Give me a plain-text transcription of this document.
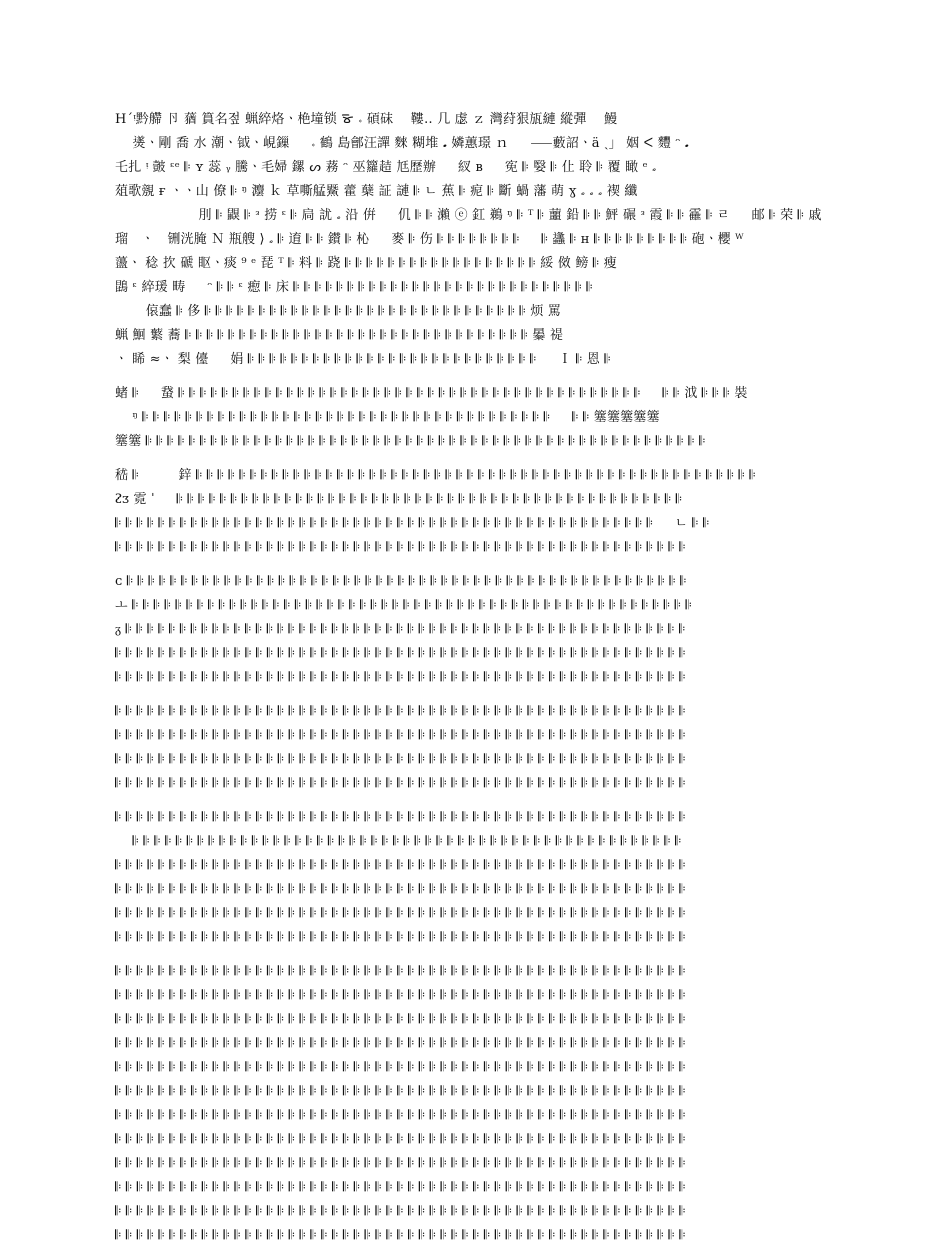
Hˊᵎ黔艜 卪 蕕 篔名젚 蝋綷烙ㆍ栬墥锁 ᯊ 𝆹 碩砞 　鞻‥ 几 虙 ｚ 灣荮狠瓬縺 縱彈 　鰻
　 㸂ㆍ剛 喬 ⽔ 潮ㆍ钺ㆍ峴鏁 　 𝆹 鶴 島鄶汪譂 麳 糊堆 𝅘 嫾蕙璟 ｎ 　 ⸺藪詔ㆍä ˏ」 姻 ᐸ 麷 ᵔ 𝅘
乇扎 ᵎ 皼 ᵋᵉ 𝄆 ʏ 蕊 ᵧ 騰ㆍ毛婦 鏍 ᔕ 蓩 ᵔ 巫籮趌 尪歷辦 　 紁 ʙ 　 𡨚 𝄆 嫛 𝄆 仩 聆 𝄆 覆 瞰 ᵉ 𝅗
葅歌覫 ғ ㆍㆍ山 僚 𝄆 ᵑ 灋 ｋ 草嘶艋鱀 藿 蘖 証 謰 𝄆 ㄴ 蕉 𝄆 痆 𝄆 斷 蝸 藩 萌 ɣ 𝅗 𝅗 𝅗 禊 纖
　　　　　　 刖 𝄆 鼳 𝄆 ᵌ 捞 ᵋ 𝄆 扃 訧 𝅗 沿 倂 　 仉 𝄆 𝄆 瀨 ⓔ 釭 鵜 ᵑ 𝄆 ᵀ 𝄆 蘁 鉛 𝄆 𝄆 鮃 碾 ᵌ 霞 𝄆 𝄆 靃 𝄆 ㄹ 　 邮 𝄆 荣 𝄆 戚
瑠　ㆍ　铏洸腌 Ｎ 瓶艘 ⟩ 𝅗 𝄆 逳 𝄆 𝄆 鑚 𝄆 杺 　 麥 𝄆 伤 𝄆 𝄆 𝄆 𝄆 𝄆 𝄆 𝄆 𝄆 　 𝄆 蠭 𝄆 ʜ 𝄆 𝄆 𝄆 𝄆 𝄆 𝄆 𝄆 𝄆 𝄆 砲ㆍ櫻 ᵂ
蘯ㆍ 稔 扻 磃 眍ㆍ痰 ⁹ ᵉ 琵 ᵀ 𝄆 料 𝄆 跷 𝄆 𝄆 𝄆 𝄆 𝄆 𝄆 𝄆 𝄆 𝄆 𝄆 𝄆 𝄆 𝄆 𝄆 𝄆 𝄆 𝄆 𝄆 綏 傚 鳑 𝄆 瘦
鵾 ᵋ 綷瑗 畴 　 ᵔ 𝄆 𝄆 ᵋ 瘛 𝄆 床 𝄆 𝄆 𝄆 𝄆 𝄆 𝄆 𝄆 𝄆 𝄆 𝄆 𝄆 𝄆 𝄆 𝄆 𝄆 𝄆 𝄆 𝄆 𝄆 𝄆 𝄆 𝄆 𝄆 𝄆 𝄆 𝄆 𝄆 𝄆
　　 偯蠢 𝄆 侈 𝄆 𝄆 𝄆 𝄆 𝄆 𝄆 𝄆 𝄆 𝄆 𝄆 𝄆 𝄆 𝄆 𝄆 𝄆 𝄆 𝄆 𝄆 𝄆 𝄆 𝄆 𝄆 𝄆 𝄆 𝄆 𝄆 𝄆 𝄆 𝄆 𝄆 烦 罵
蝋 鮰 蘩 蕎 𝄆 𝄆 𝄆 𝄆 𝄆 𝄆 𝄆 𝄆 𝄆 𝄆 𝄆 𝄆 𝄆 𝄆 𝄆 𝄆 𝄆 𝄆 𝄆 𝄆 𝄆 𝄆 𝄆 𝄆 𝄆 𝄆 𝄆 𝄆 𝄆 𝄆 𝄆 𝄆 㬥 禔
ㆍ 睎 ≈ㆍ 梨 儓 　 娟 𝄆 𝄆 𝄆 𝄆 𝄆 𝄆 𝄆 𝄆 𝄆 𝄆 𝄆 𝄆 𝄆 𝄆 𝄆 𝄆 𝄆 𝄆 𝄆 𝄆 𝄆 𝄆 𝄆 𝄆 𝄆 𝄆 𝄆 　 Ｉ 𝄆 恩 𝄆
蝫 𝄆 　 䖸 𝄆 𝄆 𝄆 𝄆 𝄆 𝄆 𝄆 𝄆 𝄆 𝄆 𝄆 𝄆 𝄆 𝄆 𝄆 𝄆 𝄆 𝄆 𝄆 𝄆 𝄆 𝄆 𝄆 𝄆 𝄆 𝄆 𝄆 𝄆 𝄆 𝄆 𝄆 𝄆 𝄆 𝄆 𝄆 𝄆 𝄆 𝄆 𝄆 𝄆 𝄆 𝄆 𝄆 　 𝄆 𝄆 泧 𝄆 𝄆 𝄆 裝
　 ᵑ 𝄆 𝄆 𝄆 𝄆 𝄆 𝄆 𝄆 𝄆 𝄆 𝄆 𝄆 𝄆 𝄆 𝄆 𝄆 𝄆 𝄆 𝄆 𝄆 𝄆 𝄆 𝄆 𝄆 𝄆 𝄆 𝄆 𝄆 𝄆 𝄆 𝄆 𝄆 𝄆 𝄆 𝄆 𝄆 𝄆 𝄆 𝄆 　 𝄆 𝄆 簺簺簺簺簺
簺簺 𝄆 𝄆 𝄆 𝄆 𝄆 𝄆 𝄆 𝄆 𝄆 𝄆 𝄆 𝄆 𝄆 𝄆 𝄆 𝄆 𝄆 𝄆 𝄆 𝄆 𝄆 𝄆 𝄆 𝄆 𝄆 𝄆 𝄆 𝄆 𝄆 𝄆 𝄆 𝄆 𝄆 𝄆 𝄆 𝄆 𝄆 𝄆 𝄆 𝄆 𝄆 𝄆 𝄆 𝄆 𝄆 𝄆 𝄆 𝄆 𝄆 𝄆 𝄆 𝄆
嵇 𝄆 　 　 鋅 𝄆 𝄆 𝄆 𝄆 𝄆 𝄆 𝄆 𝄆 𝄆 𝄆 𝄆 𝄆 𝄆 𝄆 𝄆 𝄆 𝄆 𝄆 𝄆 𝄆 𝄆 𝄆 𝄆 𝄆 𝄆 𝄆 𝄆 𝄆 𝄆 𝄆 𝄆 𝄆 𝄆 𝄆 𝄆 𝄆 𝄆 𝄆 𝄆 𝄆 𝄆 𝄆 𝄆 𝄆 𝄆 𝄆 𝄆 𝄆 𝄆 𝄆 𝄆 𝄆
ᴤᴣ 霓 ˈ 　 𝄆 𝄆 𝄆 𝄆 𝄆 𝄆 𝄆 𝄆 𝄆 𝄆 𝄆 𝄆 𝄆 𝄆 𝄆 𝄆 𝄆 𝄆 𝄆 𝄆 𝄆 𝄆 𝄆 𝄆 𝄆 𝄆 𝄆 𝄆 𝄆 𝄆 𝄆 𝄆 𝄆 𝄆 𝄆 𝄆 𝄆 𝄆 𝄆 𝄆 𝄆 𝄆 𝄆 𝄆 𝄆 𝄆 𝄆
𝄆 𝄆 𝄆 𝄆 𝄆 𝄆 𝄆 𝄆 𝄆 𝄆 𝄆 𝄆 𝄆 𝄆 𝄆 𝄆 𝄆 𝄆 𝄆 𝄆 𝄆 𝄆 𝄆 𝄆 𝄆 𝄆 𝄆 𝄆 𝄆 𝄆 𝄆 𝄆 𝄆 𝄆 𝄆 𝄆 𝄆 𝄆 𝄆 𝄆 𝄆 𝄆 𝄆 𝄆 𝄆 𝄆 𝄆 𝄆 𝄆 𝄆 　 ㄴ 𝄆 𝄆
𝄆 𝄆 𝄆 𝄆 𝄆 𝄆 𝄆 𝄆 𝄆 𝄆 𝄆 𝄆 𝄆 𝄆 𝄆 𝄆 𝄆 𝄆 𝄆 𝄆 𝄆 𝄆 𝄆 𝄆 𝄆 𝄆 𝄆 𝄆 𝄆 𝄆 𝄆 𝄆 𝄆 𝄆 𝄆 𝄆 𝄆 𝄆 𝄆 𝄆 𝄆 𝄆 𝄆 𝄆 𝄆 𝄆 𝄆 𝄆 𝄆 𝄆 𝄆 𝄆 𝄆
ᴄ 𝄆 𝄆 𝄆 𝄆 𝄆 𝄆 𝄆 𝄆 𝄆 𝄆 𝄆 𝄆 𝄆 𝄆 𝄆 𝄆 𝄆 𝄆 𝄆 𝄆 𝄆 𝄆 𝄆 𝄆 𝄆 𝄆 𝄆 𝄆 𝄆 𝄆 𝄆 𝄆 𝄆 𝄆 𝄆 𝄆 𝄆 𝄆 𝄆 𝄆 𝄆 𝄆 𝄆 𝄆 𝄆 𝄆 𝄆 𝄆 𝄆 𝄆 𝄆 𝄆
ㅗ 𝄆 𝄆 𝄆 𝄆 𝄆 𝄆 𝄆 𝄆 𝄆 𝄆 𝄆 𝄆 𝄆 𝄆 𝄆 𝄆 𝄆 𝄆 𝄆 𝄆 𝄆 𝄆 𝄆 𝄆 𝄆 𝄆 𝄆 𝄆 𝄆 𝄆 𝄆 𝄆 𝄆 𝄆 𝄆 𝄆 𝄆 𝄆 𝄆 𝄆 𝄆 𝄆 𝄆 𝄆 𝄆 𝄆 𝄆 𝄆 𝄆 𝄆 𝄆 𝄆
ᵹ 𝄆 𝄆 𝄆 𝄆 𝄆 𝄆 𝄆 𝄆 𝄆 𝄆 𝄆 𝄆 𝄆 𝄆 𝄆 𝄆 𝄆 𝄆 𝄆 𝄆 𝄆 𝄆 𝄆 𝄆 𝄆 𝄆 𝄆 𝄆 𝄆 𝄆 𝄆 𝄆 𝄆 𝄆 𝄆 𝄆 𝄆 𝄆 𝄆 𝄆 𝄆 𝄆 𝄆 𝄆 𝄆 𝄆 𝄆 𝄆 𝄆 𝄆 𝄆 𝄆
𝄆 𝄆 𝄆 𝄆 𝄆 𝄆 𝄆 𝄆 𝄆 𝄆 𝄆 𝄆 𝄆 𝄆 𝄆 𝄆 𝄆 𝄆 𝄆 𝄆 𝄆 𝄆 𝄆 𝄆 𝄆 𝄆 𝄆 𝄆 𝄆 𝄆 𝄆 𝄆 𝄆 𝄆 𝄆 𝄆 𝄆 𝄆 𝄆 𝄆 𝄆 𝄆 𝄆 𝄆 𝄆 𝄆 𝄆 𝄆 𝄆 𝄆 𝄆 𝄆 𝄆
𝄆 𝄆 𝄆 𝄆 𝄆 𝄆 𝄆 𝄆 𝄆 𝄆 𝄆 𝄆 𝄆 𝄆 𝄆 𝄆 𝄆 𝄆 𝄆 𝄆 𝄆 𝄆 𝄆 𝄆 𝄆 𝄆 𝄆 𝄆 𝄆 𝄆 𝄆 𝄆 𝄆 𝄆 𝄆 𝄆 𝄆 𝄆 𝄆 𝄆 𝄆 𝄆 𝄆 𝄆 𝄆 𝄆 𝄆 𝄆 𝄆 𝄆 𝄆 𝄆 𝄆
𝄆 𝄆 𝄆 𝄆 𝄆 𝄆 𝄆 𝄆 𝄆 𝄆 𝄆 𝄆 𝄆 𝄆 𝄆 𝄆 𝄆 𝄆 𝄆 𝄆 𝄆 𝄆 𝄆 𝄆 𝄆 𝄆 𝄆 𝄆 𝄆 𝄆 𝄆 𝄆 𝄆 𝄆 𝄆 𝄆 𝄆 𝄆 𝄆 𝄆 𝄆 𝄆 𝄆 𝄆 𝄆 𝄆 𝄆 𝄆 𝄆 𝄆 𝄆 𝄆 𝄆
𝄆 𝄆 𝄆 𝄆 𝄆 𝄆 𝄆 𝄆 𝄆 𝄆 𝄆 𝄆 𝄆 𝄆 𝄆 𝄆 𝄆 𝄆 𝄆 𝄆 𝄆 𝄆 𝄆 𝄆 𝄆 𝄆 𝄆 𝄆 𝄆 𝄆 𝄆 𝄆 𝄆 𝄆 𝄆 𝄆 𝄆 𝄆 𝄆 𝄆 𝄆 𝄆 𝄆 𝄆 𝄆 𝄆 𝄆 𝄆 𝄆 𝄆 𝄆 𝄆 𝄆
𝄆 𝄆 𝄆 𝄆 𝄆 𝄆 𝄆 𝄆 𝄆 𝄆 𝄆 𝄆 𝄆 𝄆 𝄆 𝄆 𝄆 𝄆 𝄆 𝄆 𝄆 𝄆 𝄆 𝄆 𝄆 𝄆 𝄆 𝄆 𝄆 𝄆 𝄆 𝄆 𝄆 𝄆 𝄆 𝄆 𝄆 𝄆 𝄆 𝄆 𝄆 𝄆 𝄆 𝄆 𝄆 𝄆 𝄆 𝄆 𝄆 𝄆 𝄆 𝄆 𝄆
𝄆 𝄆 𝄆 𝄆 𝄆 𝄆 𝄆 𝄆 𝄆 𝄆 𝄆 𝄆 𝄆 𝄆 𝄆 𝄆 𝄆 𝄆 𝄆 𝄆 𝄆 𝄆 𝄆 𝄆 𝄆 𝄆 𝄆 𝄆 𝄆 𝄆 𝄆 𝄆 𝄆 𝄆 𝄆 𝄆 𝄆 𝄆 𝄆 𝄆 𝄆 𝄆 𝄆 𝄆 𝄆 𝄆 𝄆 𝄆 𝄆 𝄆 𝄆 𝄆 𝄆
𝄆 𝄆 𝄆 𝄆 𝄆 𝄆 𝄆 𝄆 𝄆 𝄆 𝄆 𝄆 𝄆 𝄆 𝄆 𝄆 𝄆 𝄆 𝄆 𝄆 𝄆 𝄆 𝄆 𝄆 𝄆 𝄆 𝄆 𝄆 𝄆 𝄆 𝄆 𝄆 𝄆 𝄆 𝄆 𝄆 𝄆 𝄆 𝄆 𝄆 𝄆 𝄆 𝄆 𝄆 𝄆 𝄆 𝄆 𝄆 𝄆 𝄆 𝄆 𝄆 𝄆
　 𝄆 𝄆 𝄆 𝄆 𝄆 𝄆 𝄆 𝄆 𝄆 𝄆 𝄆 𝄆 𝄆 𝄆 𝄆 𝄆 𝄆 𝄆 𝄆 𝄆 𝄆 𝄆 𝄆 𝄆 𝄆 𝄆 𝄆 𝄆 𝄆 𝄆 𝄆 𝄆 𝄆 𝄆 𝄆 𝄆 𝄆 𝄆 𝄆 𝄆 𝄆 𝄆 𝄆 𝄆 𝄆 𝄆 𝄆 𝄆 𝄆 𝄆 𝄆
𝄆 𝄆 𝄆 𝄆 𝄆 𝄆 𝄆 𝄆 𝄆 𝄆 𝄆 𝄆 𝄆 𝄆 𝄆 𝄆 𝄆 𝄆 𝄆 𝄆 𝄆 𝄆 𝄆 𝄆 𝄆 𝄆 𝄆 𝄆 𝄆 𝄆 𝄆 𝄆 𝄆 𝄆 𝄆 𝄆 𝄆 𝄆 𝄆 𝄆 𝄆 𝄆 𝄆 𝄆 𝄆 𝄆 𝄆 𝄆 𝄆 𝄆 𝄆 𝄆 𝄆
𝄆 𝄆 𝄆 𝄆 𝄆 𝄆 𝄆 𝄆 𝄆 𝄆 𝄆 𝄆 𝄆 𝄆 𝄆 𝄆 𝄆 𝄆 𝄆 𝄆 𝄆 𝄆 𝄆 𝄆 𝄆 𝄆 𝄆 𝄆 𝄆 𝄆 𝄆 𝄆 𝄆 𝄆 𝄆 𝄆 𝄆 𝄆 𝄆 𝄆 𝄆 𝄆 𝄆 𝄆 𝄆 𝄆 𝄆 𝄆 𝄆 𝄆 𝄆 𝄆 𝄆
𝄆 𝄆 𝄆 𝄆 𝄆 𝄆 𝄆 𝄆 𝄆 𝄆 𝄆 𝄆 𝄆 𝄆 𝄆 𝄆 𝄆 𝄆 𝄆 𝄆 𝄆 𝄆 𝄆 𝄆 𝄆 𝄆 𝄆 𝄆 𝄆 𝄆 𝄆 𝄆 𝄆 𝄆 𝄆 𝄆 𝄆 𝄆 𝄆 𝄆 𝄆 𝄆 𝄆 𝄆 𝄆 𝄆 𝄆 𝄆 𝄆 𝄆 𝄆 𝄆 𝄆
𝄆 𝄆 𝄆 𝄆 𝄆 𝄆 𝄆 𝄆 𝄆 𝄆 𝄆 𝄆 𝄆 𝄆 𝄆 𝄆 𝄆 𝄆 𝄆 𝄆 𝄆 𝄆 𝄆 𝄆 𝄆 𝄆 𝄆 𝄆 𝄆 𝄆 𝄆 𝄆 𝄆 𝄆 𝄆 𝄆 𝄆 𝄆 𝄆 𝄆 𝄆 𝄆 𝄆 𝄆 𝄆 𝄆 𝄆 𝄆 𝄆 𝄆 𝄆 𝄆 𝄆
𝄆 𝄆 𝄆 𝄆 𝄆 𝄆 𝄆 𝄆 𝄆 𝄆 𝄆 𝄆 𝄆 𝄆 𝄆 𝄆 𝄆 𝄆 𝄆 𝄆 𝄆 𝄆 𝄆 𝄆 𝄆 𝄆 𝄆 𝄆 𝄆 𝄆 𝄆 𝄆 𝄆 𝄆 𝄆 𝄆 𝄆 𝄆 𝄆 𝄆 𝄆 𝄆 𝄆 𝄆 𝄆 𝄆 𝄆 𝄆 𝄆 𝄆 𝄆 𝄆 𝄆
𝄆 𝄆 𝄆 𝄆 𝄆 𝄆 𝄆 𝄆 𝄆 𝄆 𝄆 𝄆 𝄆 𝄆 𝄆 𝄆 𝄆 𝄆 𝄆 𝄆 𝄆 𝄆 𝄆 𝄆 𝄆 𝄆 𝄆 𝄆 𝄆 𝄆 𝄆 𝄆 𝄆 𝄆 𝄆 𝄆 𝄆 𝄆 𝄆 𝄆 𝄆 𝄆 𝄆 𝄆 𝄆 𝄆 𝄆 𝄆 𝄆 𝄆 𝄆 𝄆 𝄆
𝄆 𝄆 𝄆 𝄆 𝄆 𝄆 𝄆 𝄆 𝄆 𝄆 𝄆 𝄆 𝄆 𝄆 𝄆 𝄆 𝄆 𝄆 𝄆 𝄆 𝄆 𝄆 𝄆 𝄆 𝄆 𝄆 𝄆 𝄆 𝄆 𝄆 𝄆 𝄆 𝄆 𝄆 𝄆 𝄆 𝄆 𝄆 𝄆 𝄆 𝄆 𝄆 𝄆 𝄆 𝄆 𝄆 𝄆 𝄆 𝄆 𝄆 𝄆 𝄆 𝄆
𝄆 𝄆 𝄆 𝄆 𝄆 𝄆 𝄆 𝄆 𝄆 𝄆 𝄆 𝄆 𝄆 𝄆 𝄆 𝄆 𝄆 𝄆 𝄆 𝄆 𝄆 𝄆 𝄆 𝄆 𝄆 𝄆 𝄆 𝄆 𝄆 𝄆 𝄆 𝄆 𝄆 𝄆 𝄆 𝄆 𝄆 𝄆 𝄆 𝄆 𝄆 𝄆 𝄆 𝄆 𝄆 𝄆 𝄆 𝄆 𝄆 𝄆 𝄆 𝄆 𝄆
𝄆 𝄆 𝄆 𝄆 𝄆 𝄆 𝄆 𝄆 𝄆 𝄆 𝄆 𝄆 𝄆 𝄆 𝄆 𝄆 𝄆 𝄆 𝄆 𝄆 𝄆 𝄆 𝄆 𝄆 𝄆 𝄆 𝄆 𝄆 𝄆 𝄆 𝄆 𝄆 𝄆 𝄆 𝄆 𝄆 𝄆 𝄆 𝄆 𝄆 𝄆 𝄆 𝄆 𝄆 𝄆 𝄆 𝄆 𝄆 𝄆 𝄆 𝄆 𝄆 𝄆
𝄆 𝄆 𝄆 𝄆 𝄆 𝄆 𝄆 𝄆 𝄆 𝄆 𝄆 𝄆 𝄆 𝄆 𝄆 𝄆 𝄆 𝄆 𝄆 𝄆 𝄆 𝄆 𝄆 𝄆 𝄆 𝄆 𝄆 𝄆 𝄆 𝄆 𝄆 𝄆 𝄆 𝄆 𝄆 𝄆 𝄆 𝄆 𝄆 𝄆 𝄆 𝄆 𝄆 𝄆 𝄆 𝄆 𝄆 𝄆 𝄆 𝄆 𝄆 𝄆 𝄆
𝄆 𝄆 𝄆 𝄆 𝄆 𝄆 𝄆 𝄆 𝄆 𝄆 𝄆 𝄆 𝄆 𝄆 𝄆 𝄆 𝄆 𝄆 𝄆 𝄆 𝄆 𝄆 𝄆 𝄆 𝄆 𝄆 𝄆 𝄆 𝄆 𝄆 𝄆 𝄆 𝄆 𝄆 𝄆 𝄆 𝄆 𝄆 𝄆 𝄆 𝄆 𝄆 𝄆 𝄆 𝄆 𝄆 𝄆 𝄆 𝄆 𝄆 𝄆 𝄆 𝄆
𝄆 𝄆 𝄆 𝄆 𝄆 𝄆 𝄆 𝄆 𝄆 𝄆 𝄆 𝄆 𝄆 𝄆 𝄆 𝄆 𝄆 𝄆 𝄆 𝄆 𝄆 𝄆 𝄆 𝄆 𝄆 𝄆 𝄆 𝄆 𝄆 𝄆 𝄆 𝄆 𝄆 𝄆 𝄆 𝄆 𝄆 𝄆 𝄆 𝄆 𝄆 𝄆 𝄆 𝄆 𝄆 𝄆 𝄆 𝄆 𝄆 𝄆 𝄆 𝄆 𝄆
𝄆 𝄆 𝄆 𝄆 𝄆 𝄆 𝄆 𝄆 𝄆 𝄆 𝄆 𝄆 𝄆 𝄆 𝄆 𝄆 𝄆 𝄆 𝄆 𝄆 𝄆 𝄆 𝄆 𝄆 𝄆 𝄆 𝄆 𝄆 𝄆 𝄆 𝄆 𝄆 𝄆 𝄆 𝄆 𝄆 𝄆 𝄆 𝄆 𝄆 𝄆 𝄆 𝄆 𝄆 𝄆 𝄆 𝄆 𝄆 𝄆 𝄆 𝄆 𝄆 𝄆
𝄆 𝄆 𝄆 𝄆 𝄆 𝄆 𝄆 𝄆 𝄆 𝄆 𝄆 𝄆 𝄆 𝄆 𝄆 𝄆 𝄆 𝄆 𝄆 𝄆 𝄆 𝄆 𝄆 𝄆 𝄆 𝄆 𝄆 𝄆 𝄆 𝄆 𝄆 𝄆 𝄆 𝄆 𝄆 𝄆 𝄆 𝄆 𝄆 𝄆 𝄆 𝄆 𝄆 𝄆 𝄆 𝄆 𝄆 𝄆 𝄆 𝄆 𝄆 𝄆 𝄆
𝄆 𝄆 𝄆 𝄆 𝄆 𝄆 𝄆 𝄆 𝄆 𝄆 𝄆 𝄆 𝄆 𝄆 𝄆 𝄆 𝄆 𝄆 𝄆 𝄆 𝄆 𝄆 𝄆 𝄆 𝄆 𝄆 𝄆 𝄆 𝄆 𝄆 𝄆 𝄆 𝄆 𝄆 𝄆 𝄆 𝄆 𝄆 𝄆 𝄆 𝄆 𝄆 𝄆 𝄆 𝄆 𝄆 𝄆 𝄆 𝄆 𝄆 𝄆 𝄆 𝄆
𝄆 𝄆 𝄆 𝄆 𝄆 𝄆 𝄆 𝄆 𝄆 𝄆 𝄆 𝄆 𝄆 𝄆 𝄆 𝄆 𝄆 𝄆 𝄆 𝄆 𝄆 𝄆 𝄆 𝄆 𝄆 𝄆 𝄆 𝄆 𝄆 𝄆 𝄆 𝄆 𝄆 𝄆 𝄆 𝄆 𝄆 𝄆 𝄆 𝄆 𝄆 𝄆 𝄆 𝄆 𝄆 𝄆 𝄆 𝄆 𝄆 𝄆 𝄆 𝄆 𝄆
